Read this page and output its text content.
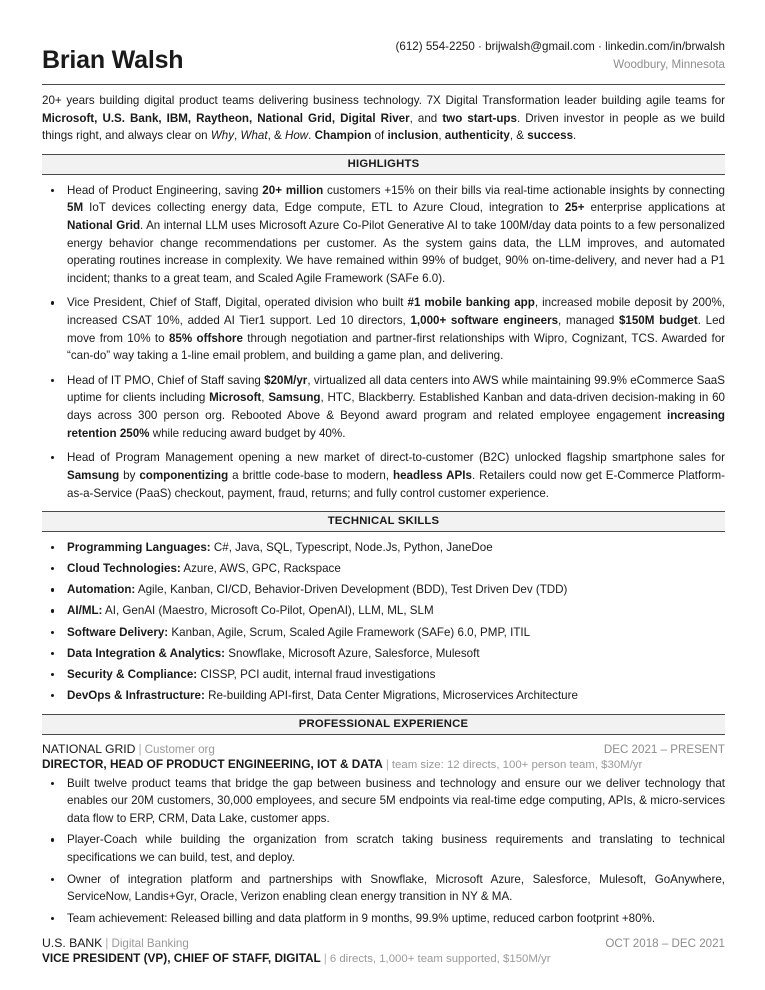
Brian Walsh	(612) 554-2250 · brijwalsh@gmail.com · linkedin.com/in/brwalsh
Woodbury, Minnesota
20+ years building digital product teams delivering business technology. 7X Digital Transformation leader building agile teams for Microsoft, U.S. Bank, IBM, Raytheon, National Grid, Digital River, and two start-ups. Driven investor in people as we build things right, and always clear on Why, What, & How. Champion of inclusion, authenticity, & success.
HIGHLIGHTS
Head of Product Engineering, saving 20+ million customers +15% on their bills via real-time actionable insights by connecting 5M IoT devices collecting energy data, Edge compute, ETL to Azure Cloud, integration to 25+ enterprise applications at National Grid. An internal LLM uses Microsoft Azure Co-Pilot Generative AI to take 100M/day data points to a few personalized energy behavior change recommendations per customer. As the system gains data, the LLM improves, and automated operating routines increase in complexity. We have remained within 99% of budget, 90% on-time-delivery, and never had a P1 incident; thanks to a great team, and Scaled Agile Framework (SAFe 6.0).
Vice President, Chief of Staff, Digital, operated division who built #1 mobile banking app, increased mobile deposit by 200%, increased CSAT 10%, added AI Tier1 support. Led 10 directors, 1,000+ software engineers, managed $150M budget. Led move from 10% to 85% offshore through negotiation and partner-first relationships with Wipro, Cognizant, TCS. Awarded for “can-do” way taking a 1-line email problem, and building a game plan, and delivering.
Head of IT PMO, Chief of Staff saving $20M/yr, virtualized all data centers into AWS while maintaining 99.9% eCommerce SaaS uptime for clients including Microsoft, Samsung, HTC, Blackberry. Established Kanban and data-driven decision-making in 60 days across 300 person org. Rebooted Above & Beyond award program and related employee engagement increasing retention 250% while reducing award budget by 40%.
Head of Program Management opening a new market of direct-to-customer (B2C) unlocked flagship smartphone sales for Samsung by componentizing a brittle code-base to modern, headless APIs. Retailers could now get E-Commerce Platform-as-a-Service (PaaS) checkout, payment, fraud, returns; and fully control customer experience.
TECHNICAL SKILLS
Programming Languages: C#, Java, SQL, Typescript, Node.Js, Python, JaneDoe
Cloud Technologies: Azure, AWS, GPC, Rackspace
Automation: Agile, Kanban, CI/CD, Behavior-Driven Development (BDD), Test Driven Dev (TDD)
AI/ML: AI, GenAI (Maestro, Microsoft Co-Pilot, OpenAI), LLM, ML, SLM
Software Delivery: Kanban, Agile, Scrum, Scaled Agile Framework (SAFe) 6.0, PMP, ITIL
Data Integration & Analytics: Snowflake, Microsoft Azure, Salesforce, Mulesoft
Security & Compliance: CISSP, PCI audit, internal fraud investigations
DevOps & Infrastructure: Re-building API-first, Data Center Migrations, Microservices Architecture
PROFESSIONAL EXPERIENCE
NATIONAL GRID | Customer org	DEC 2021 – PRESENT
DIRECTOR, HEAD OF PRODUCT ENGINEERING, IOT & DATA | team size: 12 directs, 100+ person team, $30M/yr
Built twelve product teams that bridge the gap between business and technology and ensure our we deliver technology that enables our 20M customers, 30,000 employees, and secure 5M endpoints via real-time edge computing, APIs, & micro-services data flow to ERP, CRM, Data Lake, customer apps.
Player-Coach while building the organization from scratch taking business requirements and translating to technical specifications we can build, test, and deploy.
Owner of integration platform and partnerships with Snowflake, Microsoft Azure, Salesforce, Mulesoft, GoAnywhere, ServiceNow, Landis+Gyr, Oracle, Verizon enabling clean energy transition in NY & MA.
Team achievement: Released billing and data platform in 9 months, 99.9% uptime, reduced carbon footprint +80%.
U.S. BANK | Digital Banking	OCT 2018 – DEC 2021
VICE PRESIDENT (VP), CHIEF OF STAFF, DIGITAL | 6 directs, 1,000+ team supported, $150M/yr
